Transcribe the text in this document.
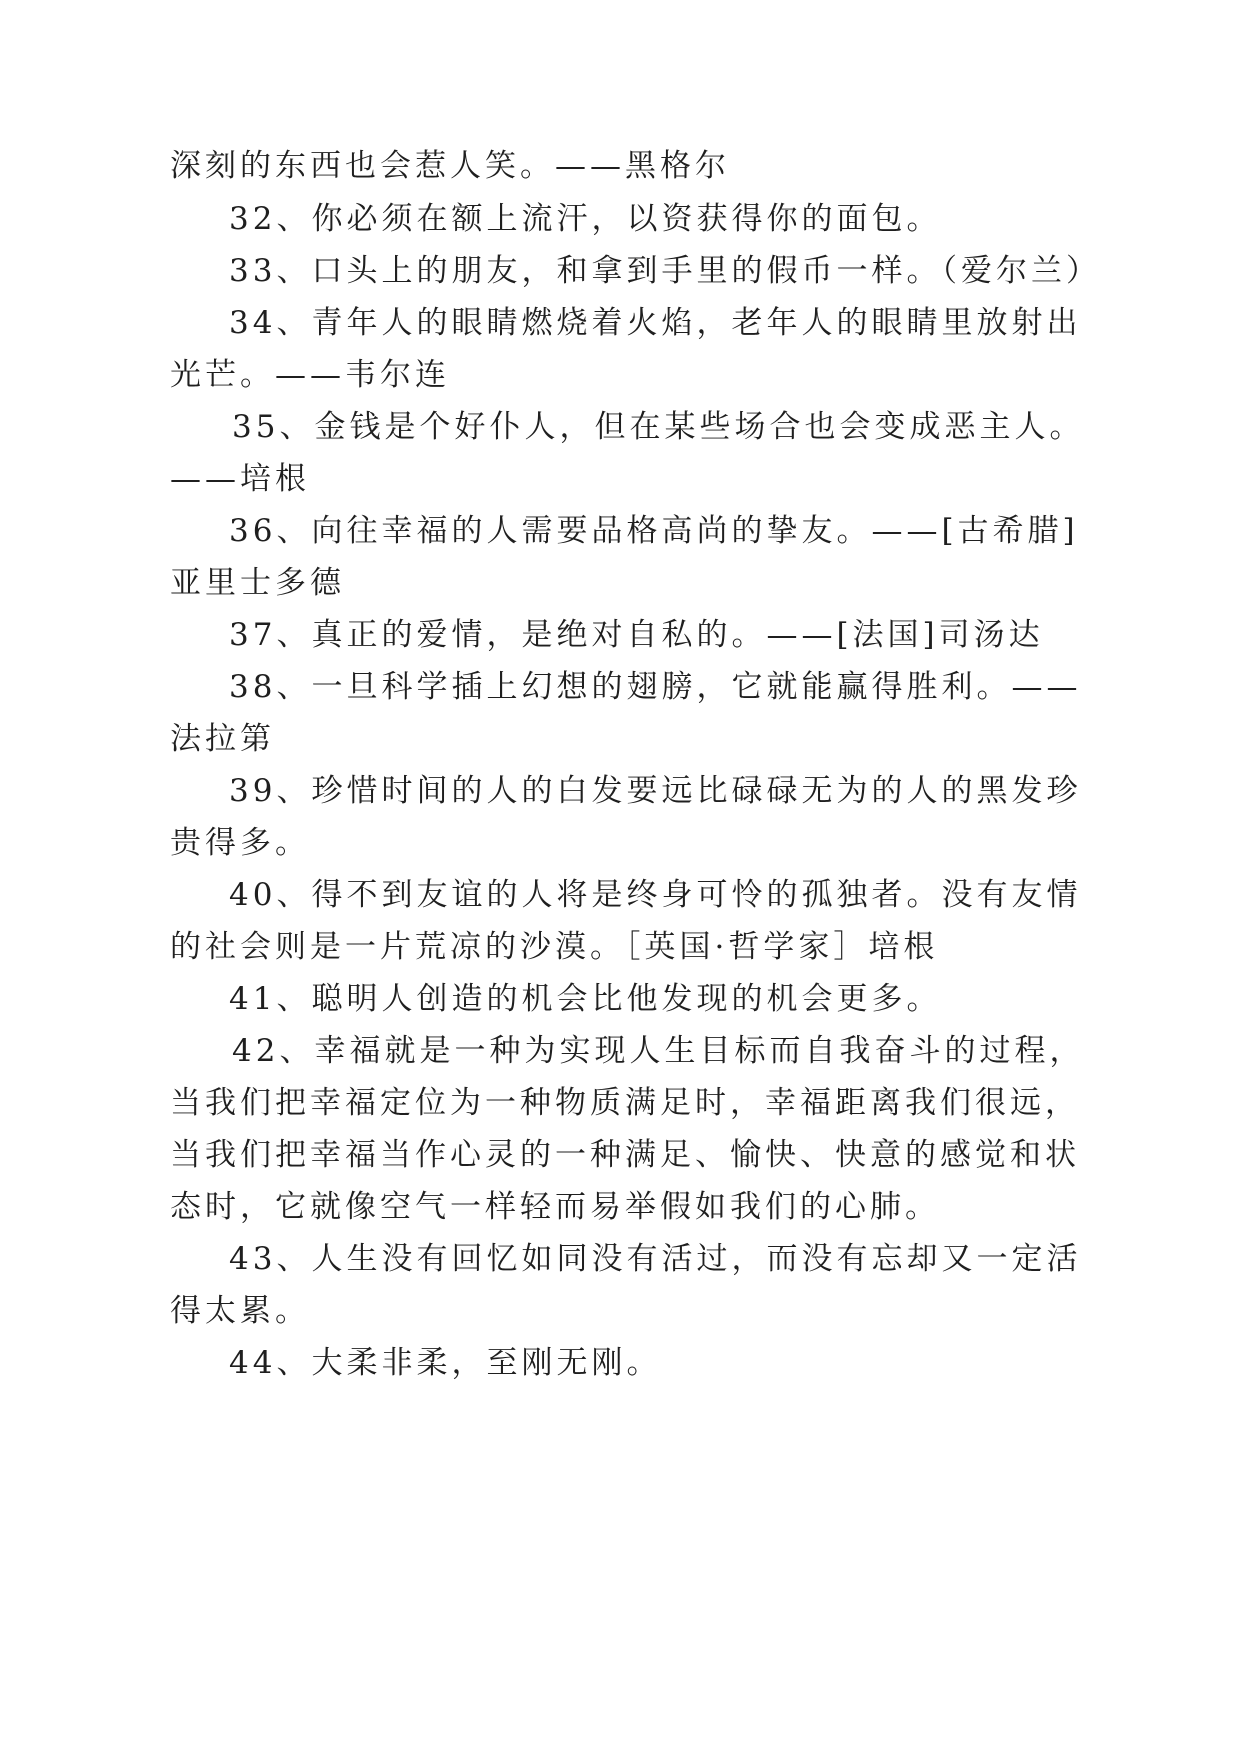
深刻的东西也会惹人笑。——黑格尔
32、你必须在额上流汗，以资获得你的面包。
33、口头上的朋友，和拿到手里的假币一样。（爱尔兰）
34、青年人的眼睛燃烧着火焰，老年人的眼睛里放射出
光芒。——韦尔连
35、金钱是个好仆人，但在某些场合也会变成恶主人。
——培根
36、向往幸福的人需要品格高尚的挚友。——[古希腊]
亚里士多德
37、真正的爱情，是绝对自私的。——[法国]司汤达
38、一旦科学插上幻想的翅膀，它就能赢得胜利。——
法拉第
39、珍惜时间的人的白发要远比碌碌无为的人的黑发珍
贵得多。
40、得不到友谊的人将是终身可怜的孤独者。没有友情
的社会则是一片荒凉的沙漠。［英国·哲学家］培根
41、聪明人创造的机会比他发现的机会更多。
42、幸福就是一种为实现人生目标而自我奋斗的过程，
当我们把幸福定位为一种物质满足时，幸福距离我们很远，
当我们把幸福当作心灵的一种满足、愉快、快意的感觉和状
态时，它就像空气一样轻而易举假如我们的心肺。
43、人生没有回忆如同没有活过，而没有忘却又一定活
得太累。
44、大柔非柔，至刚无刚。
